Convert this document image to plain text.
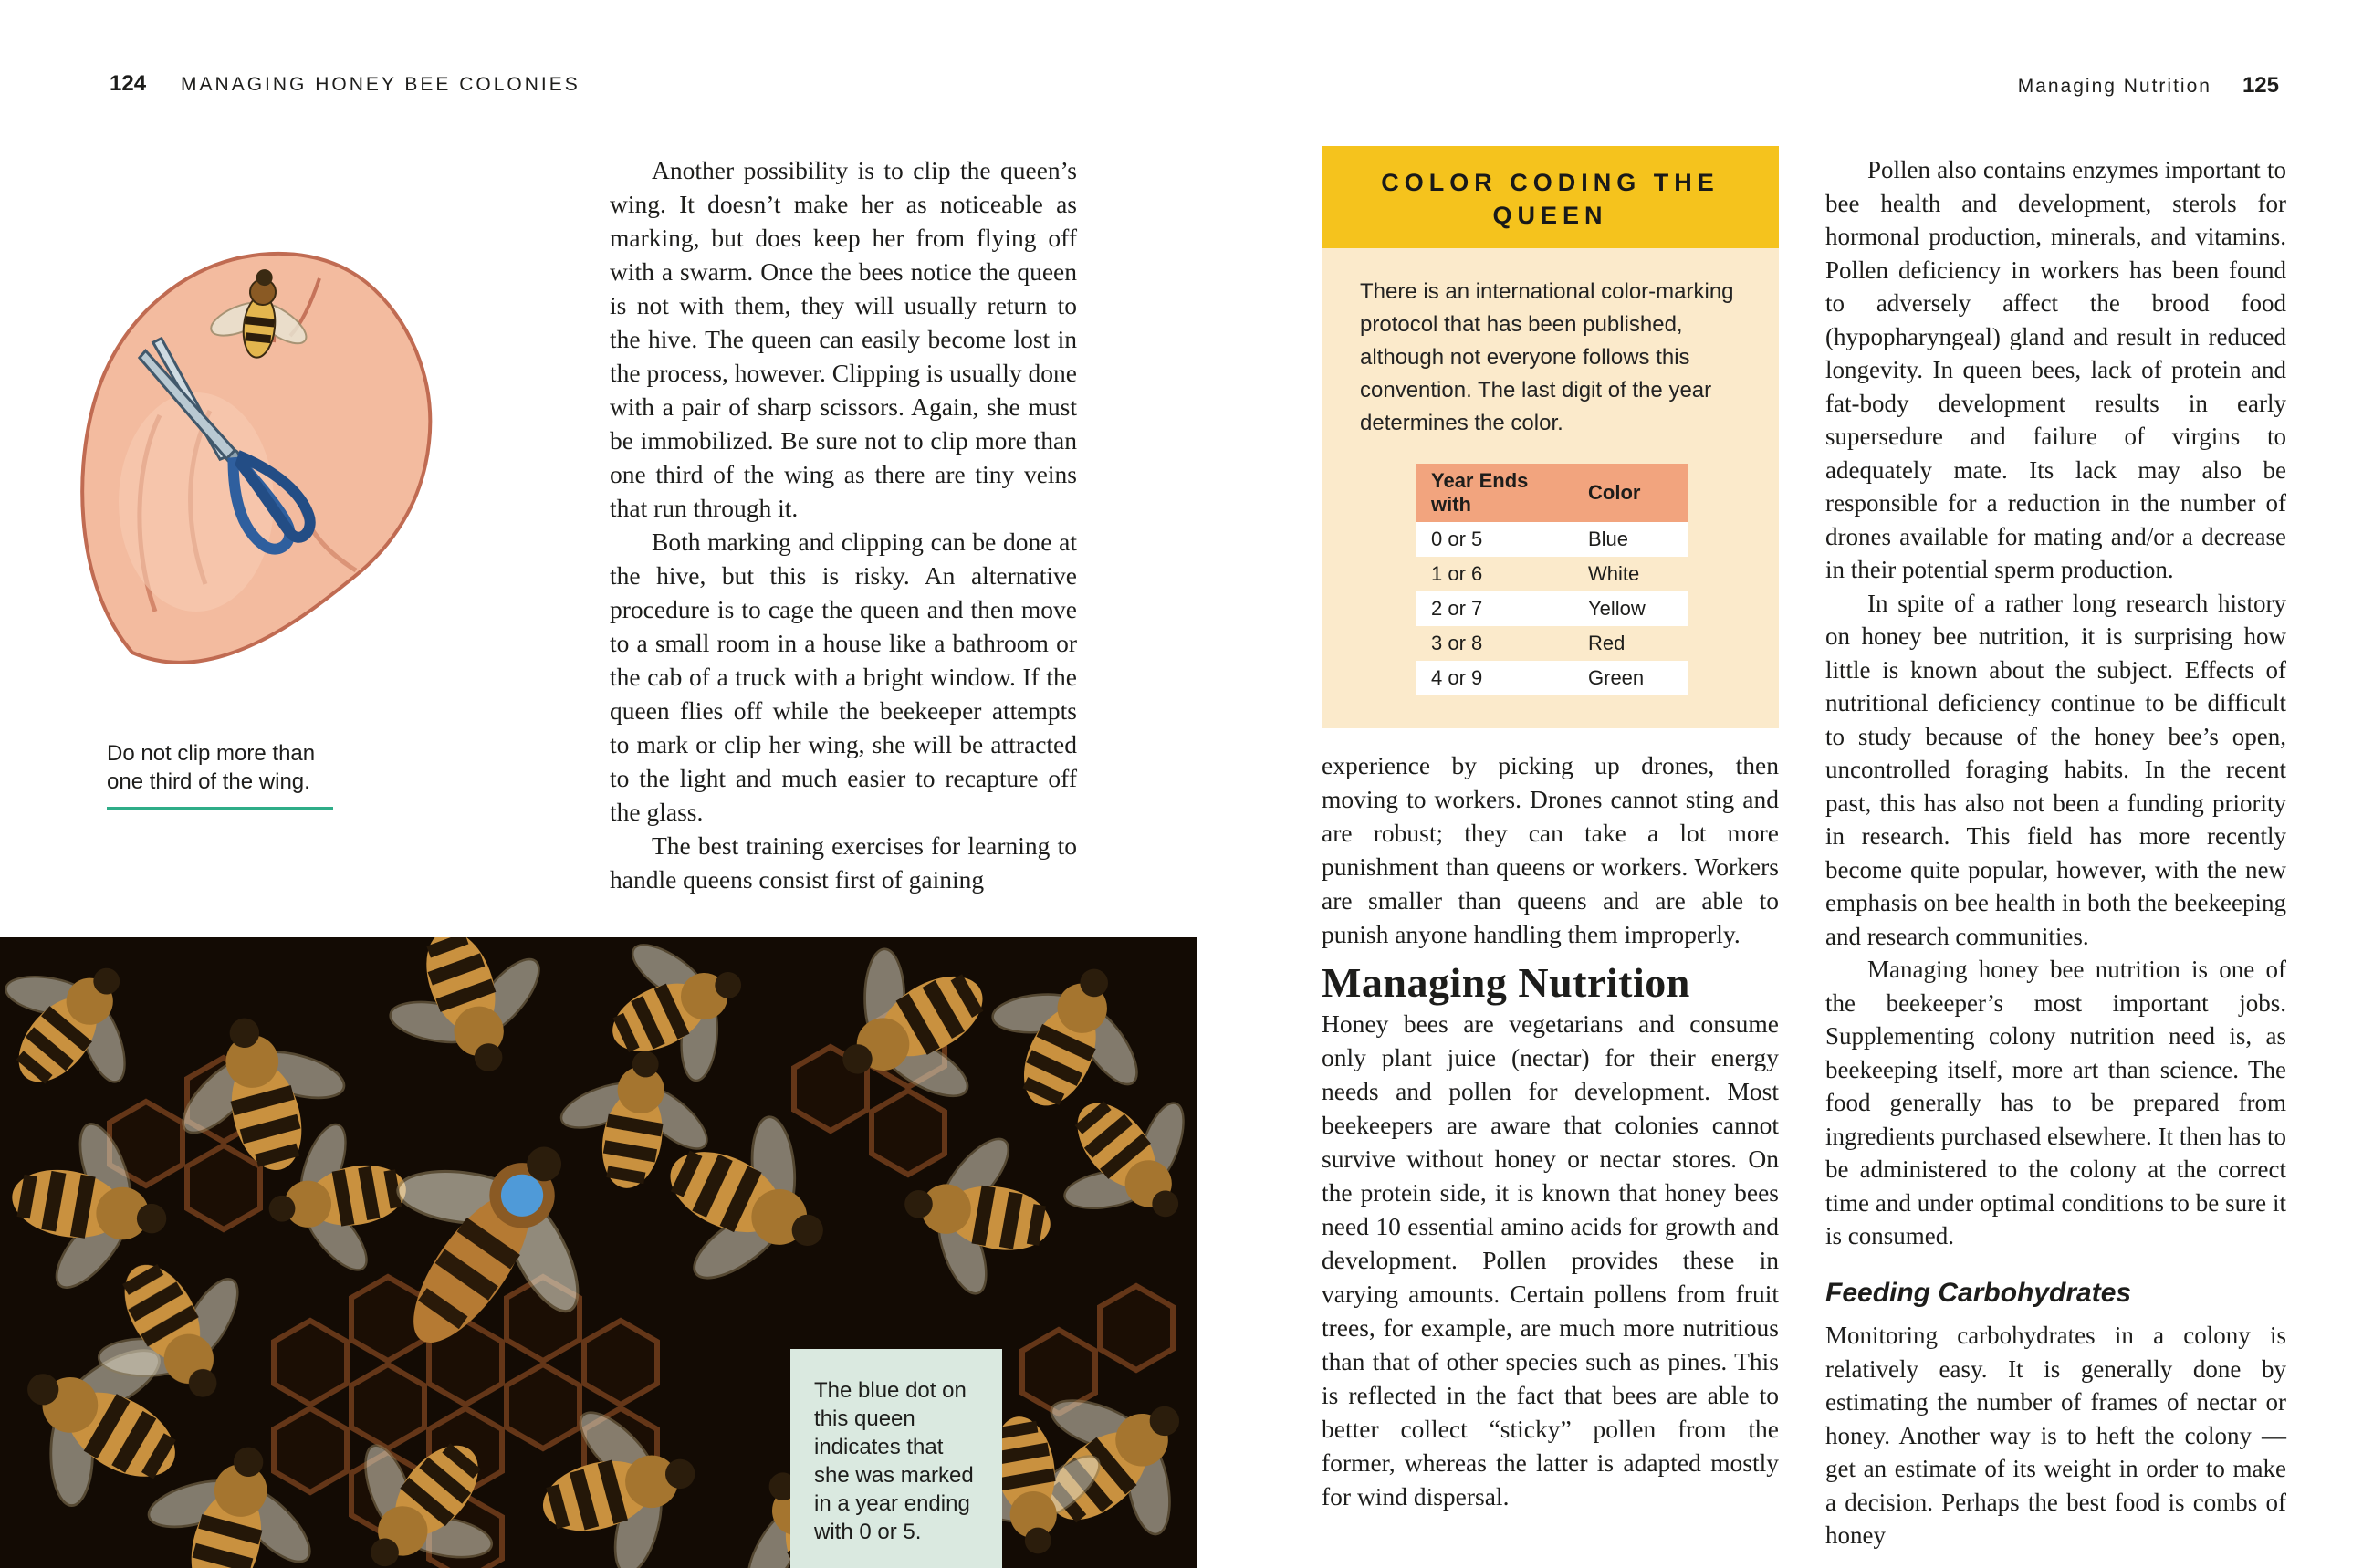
124 MANAGING HONEY BEE COLONIES	Managing Nutrition 125
Do not clip more than
one third of the wing.

Another possibility is to clip the queen’s wing. It doesn’t make her as noticeable as marking, but does keep her from flying off with a swarm. Once the bees notice the queen is not with them, they will usually return to the hive. The queen can easily become lost in the process, however. Clipping is usually done with a pair of sharp scissors. Again, she must be immobilized. Be sure not to clip more than one third of the wing as there are tiny veins that run through it.

Both marking and clipping can be done at the hive, but this is risky. An alternative procedure is to cage the queen and then move to a small room in a house like a bathroom or the cab of a truck with a bright window. If the queen flies off while the beekeeper attempts to mark or clip her wing, she will be attracted to the light and much easier to recapture off the glass.

The best training exercises for learning to handle queens consist first of gaining

The blue dot on this queen indicates that she was marked in a year ending with 0 or 5.
COLOR CODING THE
QUEEN
There is an international color-marking protocol that has been published, although not everyone follows this convention. The last digit of the year determines the color.
Year Ends with	Color
0 or 5	Blue
1 or 6	White
2 or 7	Yellow
3 or 8	Red
4 or 9	Green

experience by picking up drones, then moving to workers. Drones cannot sting and are robust; they can take a lot more punishment than queens or workers. Workers are smaller than queens and are able to punish anyone handling them improperly.

Managing Nutrition

Honey bees are vegetarians and consume only plant juice (nectar) for their energy needs and pollen for development. Most beekeepers are aware that colonies cannot survive without honey or nectar stores. On the protein side, it is known that honey bees need 10 essential amino acids for growth and development. Pollen provides these in varying amounts. Certain pollens from fruit trees, for example, are much more nutritious than that of other species such as pines. This is reflected in the fact that bees are able to better collect “sticky” pollen from the former, whereas the latter is adapted mostly for wind dispersal.

Pollen also contains enzymes important to bee health and development, sterols for hormonal production, minerals, and vitamins. Pollen deficiency in workers has been found to adversely affect the brood food (hypopharyngeal) gland and result in reduced longevity. In queen bees, lack of protein and fat-body development results in early supersedure and failure of virgins to adequately mate. Its lack may also be responsible for a reduction in the number of drones available for mating and/or a decrease in their potential sperm production.

In spite of a rather long research history on honey bee nutrition, it is surprising how little is known about the subject. Effects of nutritional deficiency continue to be difficult to study because of the honey bee’s open, uncontrolled foraging habits. In the recent past, this has also not been a funding priority in research. This field has more recently become quite popular, however, with the new emphasis on bee health in both the beekeeping and research communities.

Managing honey bee nutrition is one of the beekeeper’s most important jobs. Supplementing colony nutrition need is, as beekeeping itself, more art than science. The food generally has to be prepared from ingredients purchased elsewhere. It then has to be administered to the colony at the correct time and under optimal conditions to be sure it is consumed.

Feeding Carbohydrates

Monitoring carbohydrates in a colony is relatively easy. It is generally done by estimating the number of frames of nectar or honey. Another way is to heft the colony — get an estimate of its weight in order to make a decision. Perhaps the best food is combs of honey
